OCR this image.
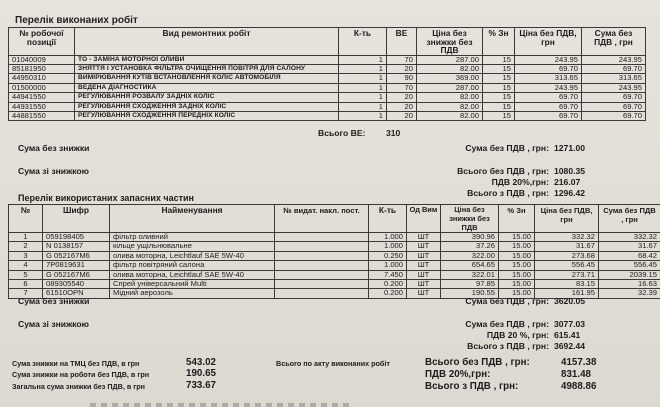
Перелік виконаних робіт
№ робочої позиції	Вид ремонтних робіт	К-ть	ВЕ	Ціна без знижки без ПДВ	% Зн	Ціна без ПДВ, грн	Сума без ПДВ , грн
01040009	ТО - ЗАМІНА МОТОРНОЇ ОЛИВИ	1	70	287.00	15	243.95	243.95
85181950	ЗНЯТТЯ І УСТАНОВКА ФІЛЬТРА ОЧИЩЕННЯ ПОВІТРЯ ДЛЯ САЛОНУ	1	20	82.00	15	69.70	69.70
44950310	ВИМІРЮВАННЯ КУТІВ ВСТАНОВЛЕННЯ КОЛІС АВТОМОБІЛЯ	1	90	369.00	15	313.65	313.65
01500000	ВЕДЕНА ДІАГНОСТИКА	1	70	287.00	15	243.95	243.95
44941550	РЕГУЛЮВАННЯ РОЗВАЛУ ЗАДНІХ КОЛІС	1	20	82.00	15	69.70	69.70
44931550	РЕГУЛЮВАННЯ СХОДЖЕННЯ ЗАДНІХ КОЛІС	1	20	82.00	15	69.70	69.70
44881550	РЕГУЛЮВАННЯ СХОДЖЕННЯ ПЕРЕДНІХ КОЛІС	1	20	82.00	15	69.70	69.70
Всього ВЕ: 310
Сума без знижки	Сума без ПДВ , грн: 1271.00
Сума зі знижкою	Всього без ПДВ , грн: 1080.35
ПДВ 20%,грн: 216.07
Всього з ПДВ , грн: 1296.42
Перелік використаних запасних частин
№	Шифр	Найменування	№ видат. накл. пост.	К-ть	Од Вим	Ціна без знижки без ПДВ	% Зн	Ціна без ПДВ, грн	Сума без ПДВ , грн
1	059198405	фільтр оливний		1.000	ШТ	390.96	15.00	332.32	332.32
2	N 0138157	кільце ущільнювальне		1.000	ШТ	37.26	15.00	31.67	31.67
3	G 052167M6	олива моторна, Leichtlauf SAE 5W-40		0.250	ШТ	322.00	15.00	273.68	68.42
4	7P0819631	фільтр повітряний салона		1.000	ШТ	654.65	15.00	556.45	556.45
5	G 052167M6	олива моторна, Leichtlauf SAE 5W-40		7.450	ШТ	322.01	15.00	273.71	2039.15
6	089305540	Спрей універсальний Multi		0.200	ШТ	97.85	15.00	83.15	16.63
7	61510OPN	Мідний аерозоль		0.200	ШТ	190.55	15.00	161.95	32.39
Сума без знижки	Сума без ПДВ , грн: 3620.05
Сума зі знижкою	Сума без ПДВ , грн: 3077.03
ПДВ 20 %, грн: 615.41
Всього з ПДВ , грн: 3692.44
Сума знижки на ТМЦ без ПДВ, в грн	543.02
Сума знижки на роботи без ПДВ, в грн	190.65
Загальна сума знижки без ПДВ, в грн	733.67
Всього по акту виконаних робіт	Всього без ПДВ , грн:	4157.38
ПДВ 20%,грн:	831.48
Всього з ПДВ , грн:	4988.86
